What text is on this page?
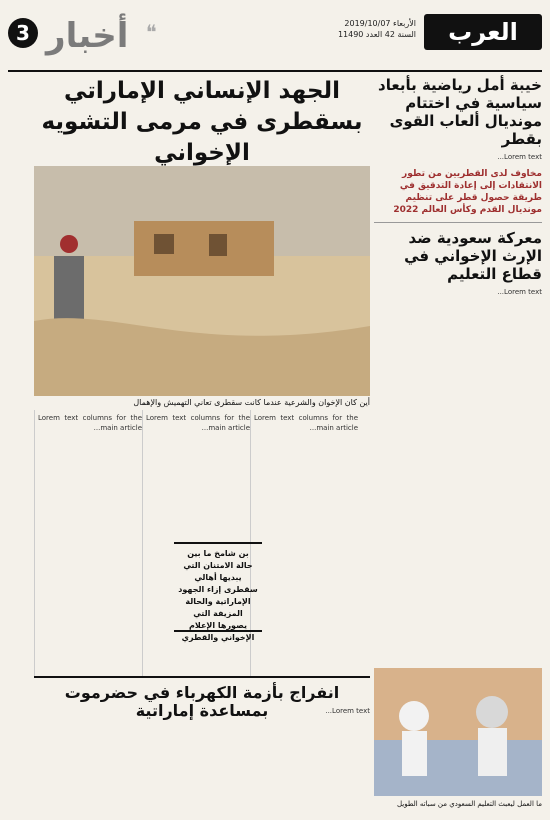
العرب
الأربعاء 2019/10/07
السنة 42 العدد 11490
3 أخبار ❝
الجهد الإنساني الإماراتي بسقطرى في مرمى التشويه الإخواني
أين كان الإخوان والشرعية عندما كانت سقطرى تعاني التهميش والإهمال
Lorem text columns for the main article...
Lorem text columns for the main article...
Lorem text columns for the main article...
بن شامخ ما بين حالة الامتنان التي يبديها أهالي سقطرى إزاء الجهود الإماراتية والحالة المزيفة التي يصورها الإعلام الإخواني والقطري
خيبة أمل رياضية بأبعاد سياسية في اختتام مونديال ألعاب القوى بقطر
Lorem text...
مخاوف لدى القطريين من تطور الانتقادات إلى إعادة التدقيق في طريقة حصول قطر على تنظيم مونديال القدم وكأس العالم 2022
معركة سعودية ضد الإرث الإخواني في قطاع التعليم
Lorem text...
انفراج بأزمة الكهرباء في حضرموت بمساعدة إماراتية	Lorem text...
ما العمل ليعبث التعليم السعودي من سباته الطويل
